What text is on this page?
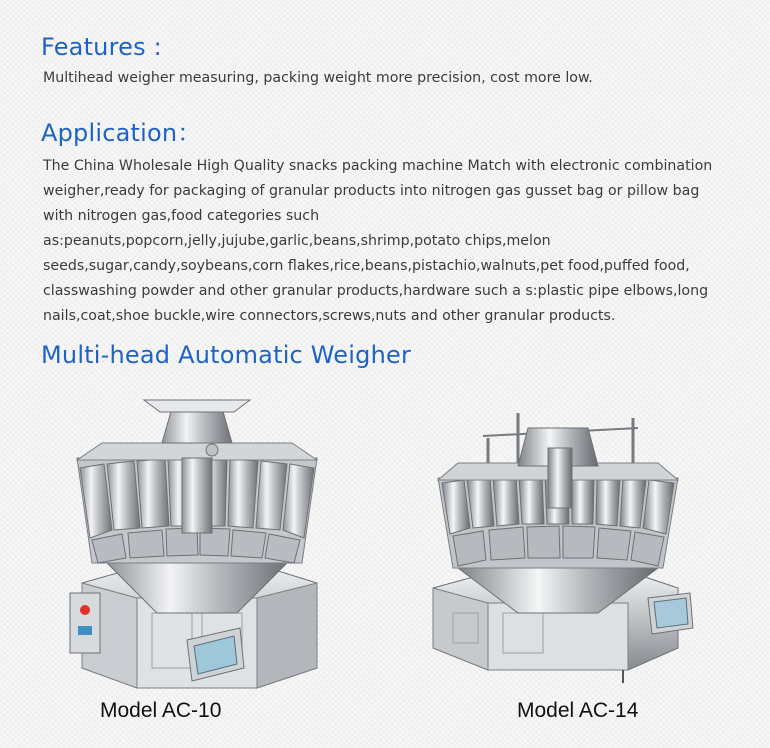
Features :

Multihead weigher measuring, packing weight more precision, cost more low.

Application：

The China Wholesale High Quality snacks packing machine Match with electronic combination weigher,ready for packaging of granular products into nitrogen gas gusset bag or pillow bag with nitrogen gas,food categories such as:peanuts,popcorn,jelly,jujube,garlic,beans,shrimp,potato chips,melon seeds,sugar,candy,soybeans,corn flakes,rice,beans,pistachio,walnuts,pet food,puffed food, classwashing powder and other granular products,hardware such a s:plastic pipe elbows,long nails,coat,shoe buckle,wire connectors,screws,nuts and other granular products.

Multi-head Automatic Weigher

Model AC-10	Model AC-14
